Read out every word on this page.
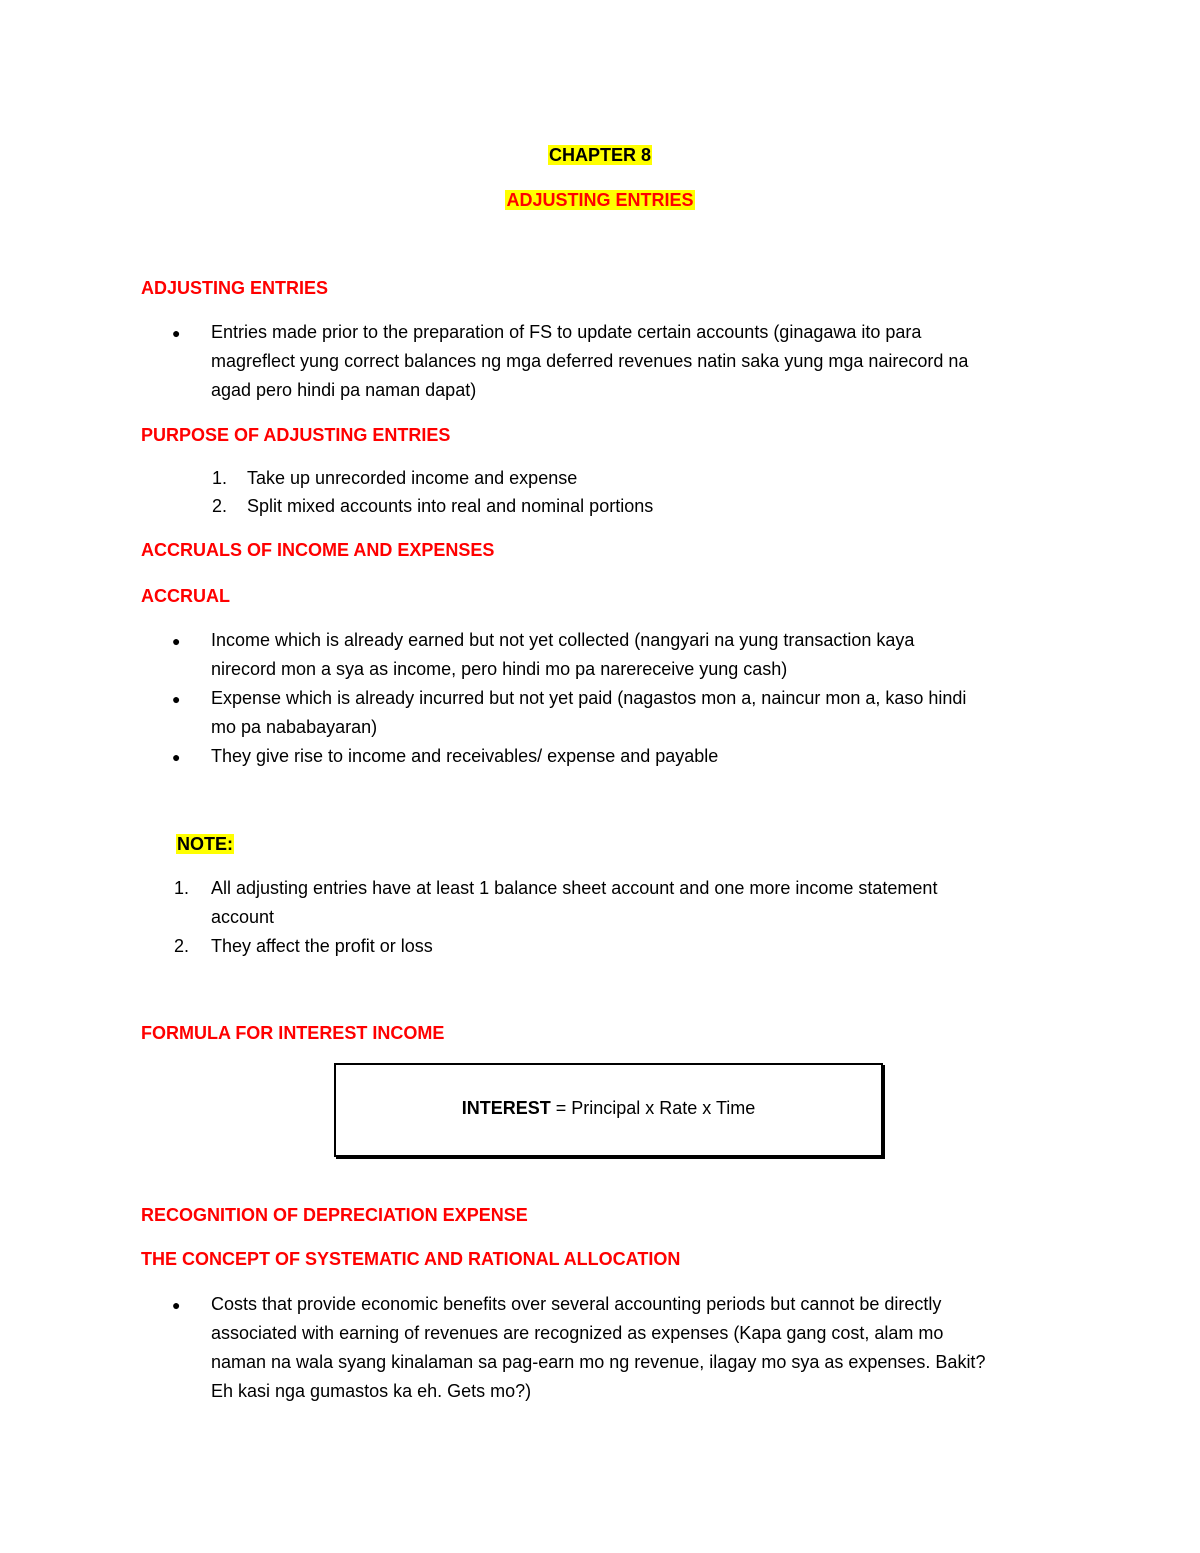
CHAPTER 8
ADJUSTING ENTRIES
ADJUSTING ENTRIES
● Entries made prior to the preparation of FS to update certain accounts (ginagawa ito para
magreflect yung correct balances ng mga deferred revenues natin saka yung mga nairecord na
agad pero hindi pa naman dapat)
PURPOSE OF ADJUSTING ENTRIES
1. Take up unrecorded income and expense
2. Split mixed accounts into real and nominal portions
ACCRUALS OF INCOME AND EXPENSES
ACCRUAL
● Income which is already earned but not yet collected (nangyari na yung transaction kaya
nirecord mon a sya as income, pero hindi mo pa narereceive yung cash)
● Expense which is already incurred but not yet paid (nagastos mon a, naincur mon a, kaso hindi
mo pa nababayaran)
● They give rise to income and receivables/ expense and payable
NOTE:
1. All adjusting entries have at least 1 balance sheet account and one more income statement
account
2. They affect the profit or loss
FORMULA FOR INTEREST INCOME
INTEREST = Principal x Rate x Time
RECOGNITION OF DEPRECIATION EXPENSE
THE CONCEPT OF SYSTEMATIC AND RATIONAL ALLOCATION
● Costs that provide economic benefits over several accounting periods but cannot be directly
associated with earning of revenues are recognized as expenses (Kapa gang cost, alam mo
naman na wala syang kinalaman sa pag-earn mo ng revenue, ilagay mo sya as expenses. Bakit?
Eh kasi nga gumastos ka eh. Gets mo?)
